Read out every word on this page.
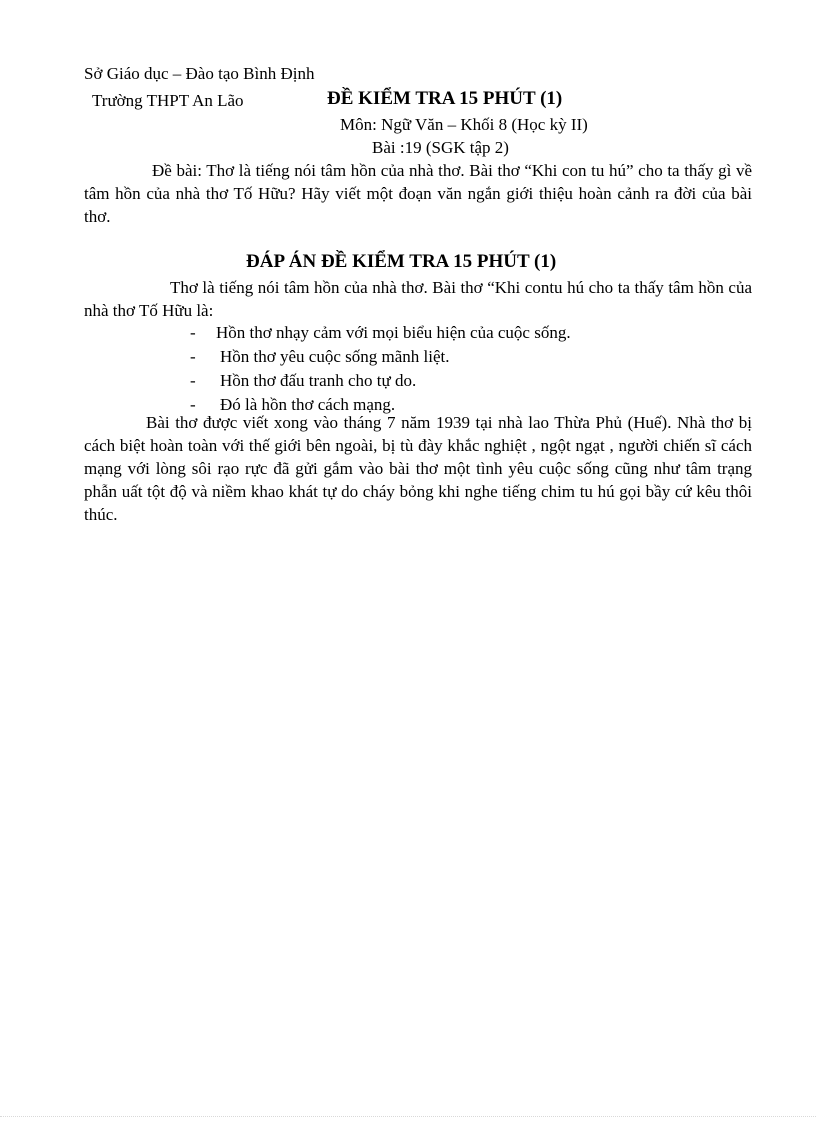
Sở Giáo dục – Đào tạo Bình Định
Trường THPT An Lão	ĐỀ KIỂM TRA 15 PHÚT (1)
Môn: Ngữ Văn – Khối 8 (Học kỳ II)
Bài :19 (SGK tập 2)
Đề bài: Thơ là tiếng nói tâm hồn của nhà thơ. Bài thơ “Khi con tu hú” cho ta thấy gì về tâm hồn của nhà thơ Tố Hữu? Hãy viết một đoạn văn ngắn giới thiệu hoàn cảnh ra đời của bài thơ.
ĐÁP ÁN ĐỀ KIỂM TRA 15 PHÚT (1)
Thơ là tiếng nói tâm hồn của nhà thơ. Bài thơ “Khi contu hú cho ta thấy tâm hồn của nhà thơ Tố Hữu là:
- Hồn thơ nhạy cảm với mọi biểu hiện của cuộc sống.
- Hồn thơ yêu cuộc sống mãnh liệt.
- Hồn thơ đấu tranh cho tự do.
- Đó là hồn thơ cách mạng.
Bài thơ được viết xong vào tháng 7 năm 1939 tại nhà lao Thừa Phủ (Huế). Nhà thơ bị cách biệt hoàn toàn với thế giới bên ngoài, bị tù đày khắc nghiệt , ngột ngạt , người chiến sĩ cách mạng với lòng sôi rạo rực đã gửi gắm vào bài thơ một tình yêu cuộc sống cũng như tâm trạng phẫn uất tột độ và niềm khao khát tự do cháy bỏng khi nghe tiếng chim tu hú gọi bầy cứ kêu thôi thúc.
